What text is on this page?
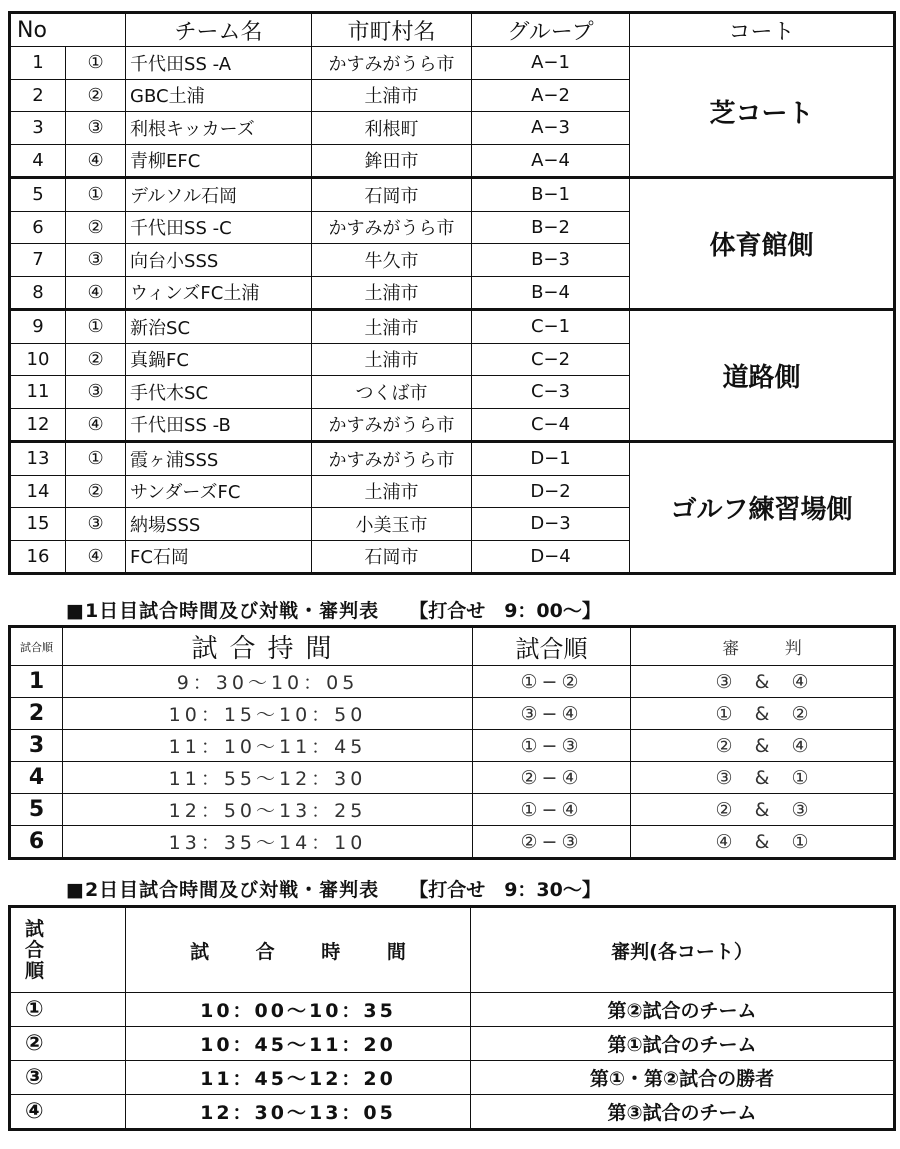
No		チーム名	市町村名	グループ	コート
1	①	千代田SS -A	かすみがうら市	A−1	芝コート
2	②	GBC土浦	土浦市	A−2	
3	③	利根キッカーズ	利根町	A−3	
4	④	青柳EFC	鉾田市	A−4	
5	①	デルソル石岡	石岡市	B−1	体育館側
6	②	千代田SS -C	かすみがうら市	B−2	
7	③	向台小SSS	牛久市	B−3	
8	④	ウィンズFC土浦	土浦市	B−4	
9	①	新治SC	土浦市	C−1	道路側
10	②	真鍋FC	土浦市	C−2	
11	③	手代木SC	つくば市	C−3	
12	④	千代田SS -B	かすみがうら市	C−4	
13	①	霞ヶ浦SSS	かすみがうら市	D−1	ゴルフ練習場側
14	②	サンダーズFC	土浦市	D−2	
15	③	納場SSS	小美玉市	D−3	
16	④	FC石岡	石岡市	D−4	
■1日目試合時間及び対戦・審判表 【打合せ　9：00～】
試合順	試合持間	試合順	審 判
1	9：30～10：05	①−②	③ & ④
2	10：15～10：50	③−④	① & ②
3	11：10～11：45	①−③	② & ④
4	11：55～12：30	②−④	③ & ①
5	12：50～13：25	①−④	② & ③
6	13：35～14：10	②−③	④ & ①
■2日目試合時間及び対戦・審判表 【打合せ　9：30～】
試
合
順	試 合 時 間	審判(各コート）
①	10：00～10：35	第②試合のチーム
②	10：45～11：20	第①試合のチーム
③	11：45～12：20	第①・第②試合の勝者
④	12：30～13：05	第③試合のチーム
